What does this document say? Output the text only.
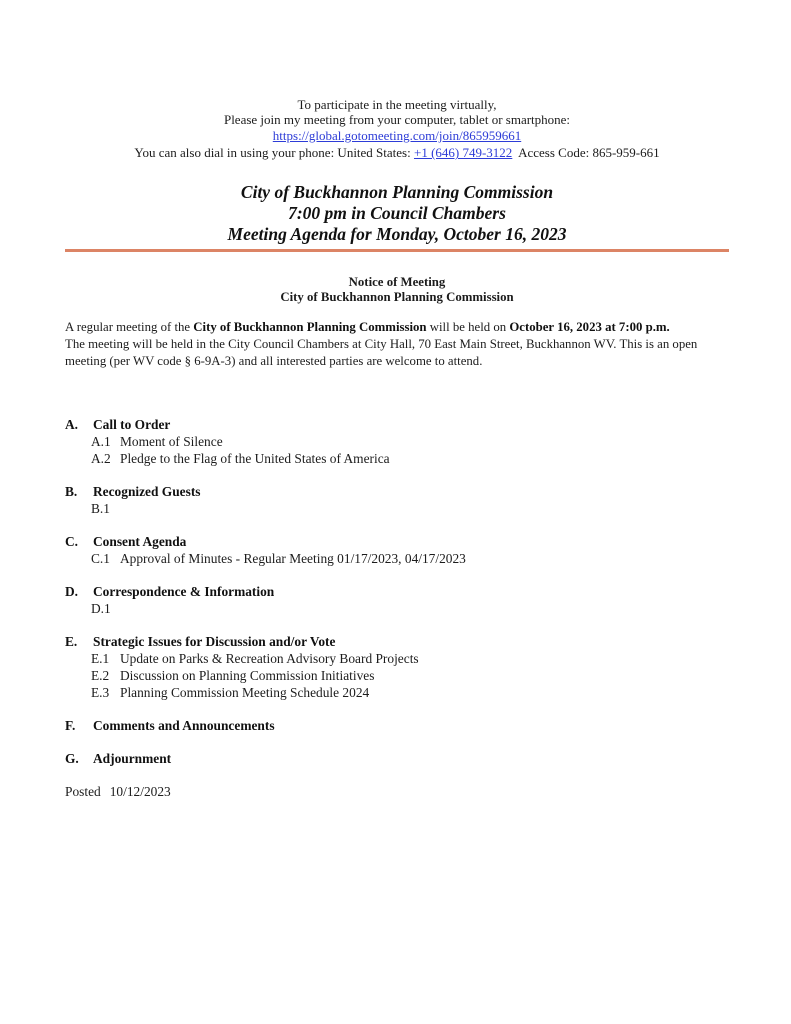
To participate in the meeting virtually,
Please join my meeting from your computer, tablet or smartphone:
https://global.gotomeeting.com/join/865959661
You can also dial in using your phone: United States: +1 (646) 749-3122  Access Code: 865-959-661
City of Buckhannon Planning Commission
7:00 pm in Council Chambers
Meeting Agenda for Monday, October 16, 2023
Notice of Meeting
City of Buckhannon Planning Commission
A regular meeting of the City of Buckhannon Planning Commission will be held on October 16, 2023 at 7:00 p.m.
The meeting will be held in the City Council Chambers at City Hall, 70 East Main Street, Buckhannon WV. This is an open
meeting (per WV code § 6-9A-3) and all interested parties are welcome to attend.
A.	Call to Order
A.1 Moment of Silence
A.2 Pledge to the Flag of the United States of America
B.	Recognized Guests
B.1
C.	Consent Agenda
C.1 Approval of Minutes - Regular Meeting 01/17/2023, 04/17/2023
D.	Correspondence & Information
D.1
E.	Strategic Issues for Discussion and/or Vote
E.1 Update on Parks & Recreation Advisory Board Projects
E.2 Discussion on Planning Commission Initiatives
E.3 Planning Commission Meeting Schedule 2024
F.	Comments and Announcements
G.	Adjournment
Posted 10/12/2023
